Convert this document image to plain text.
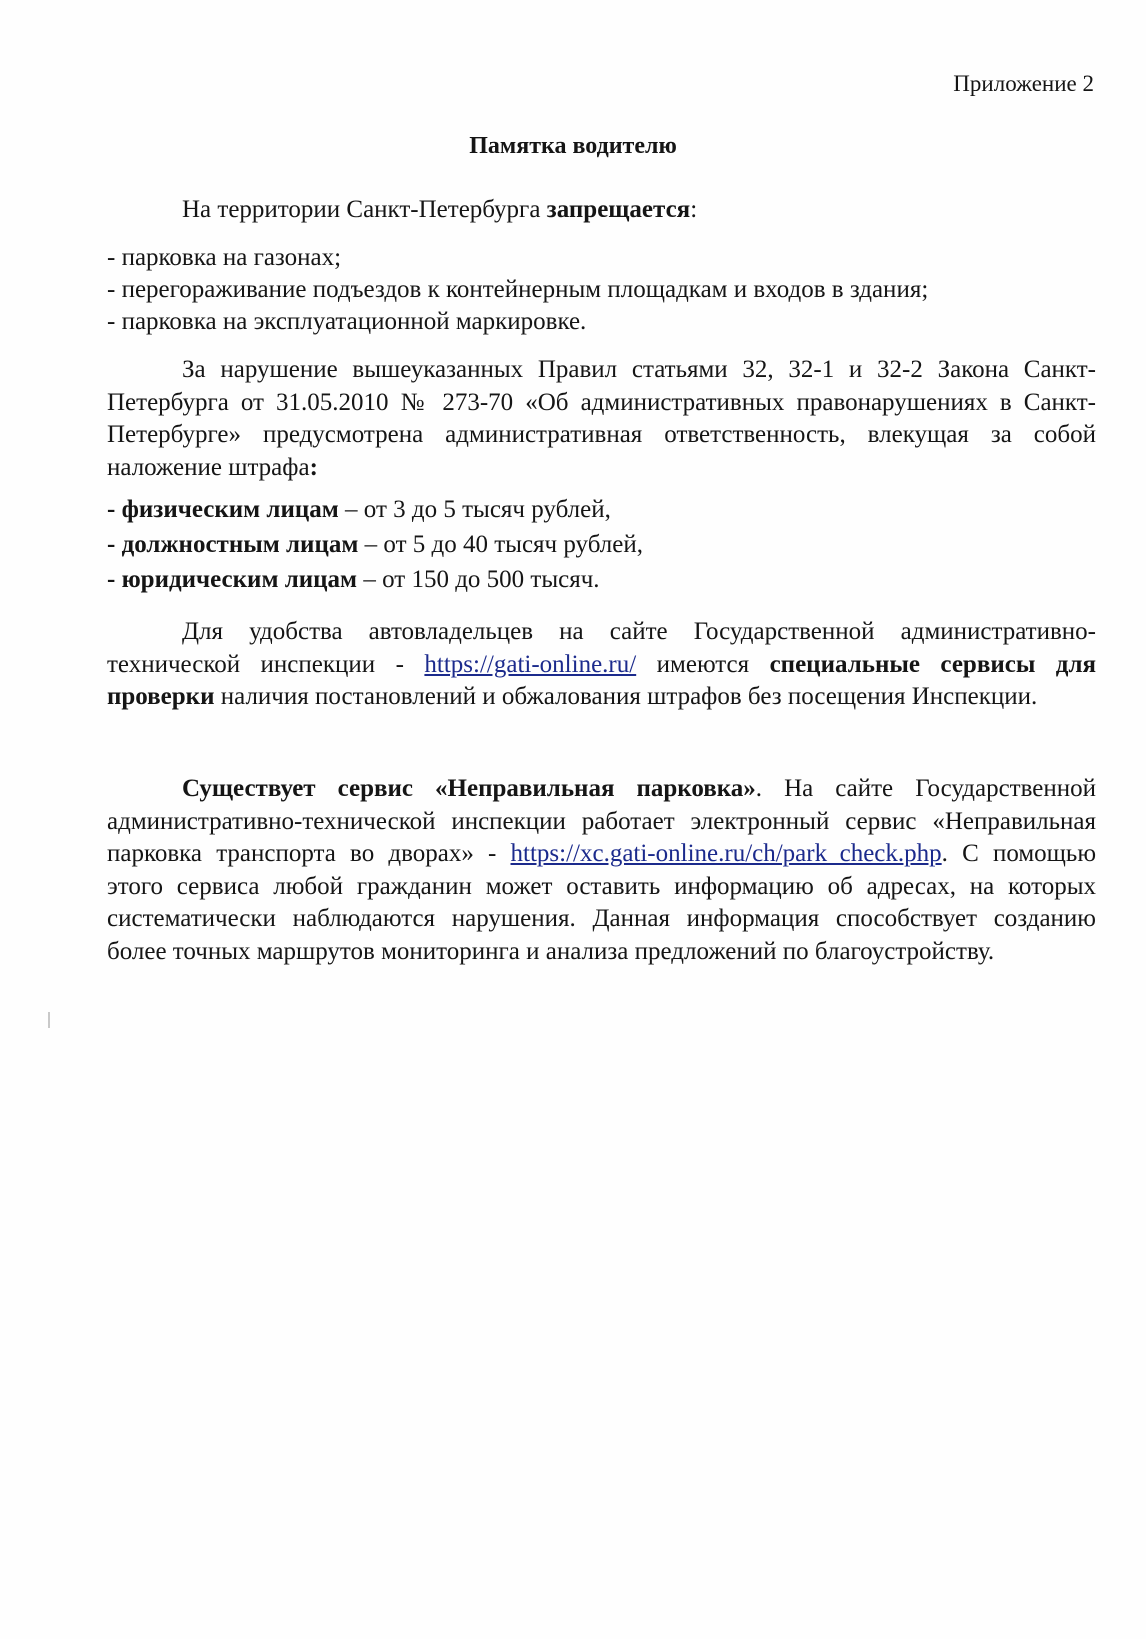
Приложение 2
Памятка водителю
На территории Санкт-Петербурга запрещается:
- парковка на газонах;
- перегораживание подъездов к контейнерным площадкам и входов в здания;
- парковка на эксплуатационной маркировке.

За нарушение вышеуказанных Правил статьями 32, 32-1 и 32-2 Закона Санкт-Петербурга от 31.05.2010 № 273-70 «Об административных правонарушениях в Санкт-Петербурге» предусмотрена административная ответственность, влекущая за собой наложение штрафа:

- физическим лицам – от 3 до 5 тысяч рублей,
- должностным лицам – от 5 до 40 тысяч рублей,
- юридическим лицам – от 150 до 500 тысяч.

Для удобства автовладельцев на сайте Государственной административно-технической инспекции - https://gati-online.ru/ имеются специальные сервисы для проверки наличия постановлений и обжалования штрафов без посещения Инспекции.

Существует сервис «Неправильная парковка». На сайте Государственной административно-технической инспекции работает электронный сервис «Неправильная парковка транспорта во дворах» - https://xc.gati-online.ru/ch/park_check.php. С помощью этого сервиса любой гражданин может оставить информацию об адресах, на которых систематически наблюдаются нарушения. Данная информация способствует созданию более точных маршрутов мониторинга и анализа предложений по благоустройству.
